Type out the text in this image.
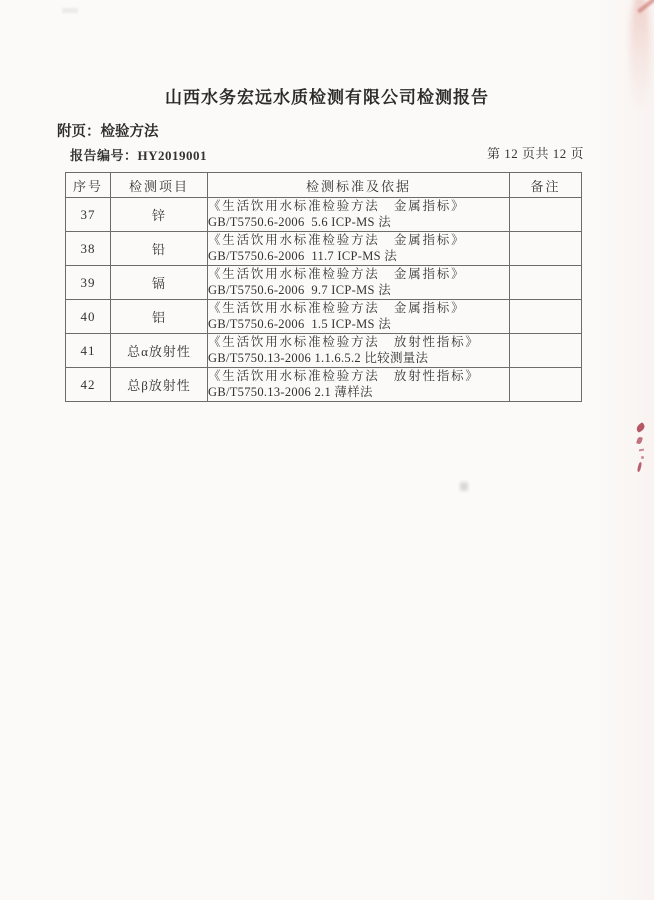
山西水务宏远水质检测有限公司检测报告
附页：检验方法
报告编号：HY2019001	第 12 页共 12 页
序号	检测项目	检测标准及依据	备注
37	锌	《生活饮用水标准检验方法　金属指标》
GB/T5750.6-2006  5.6 ICP-MS 法	

38	铅	《生活饮用水标准检验方法　金属指标》
GB/T5750.6-2006  11.7 ICP-MS 法	

39	镉	《生活饮用水标准检验方法　金属指标》
GB/T5750.6-2006  9.7 ICP-MS 法	

40	铝	《生活饮用水标准检验方法　金属指标》
GB/T5750.6-2006  1.5 ICP-MS 法	

41	总α放射性	《生活饮用水标准检验方法　放射性指标》
GB/T5750.13-2006 1.1.6.5.2 比较测量法	

42	总β放射性	《生活饮用水标准检验方法　放射性指标》
GB/T5750.13-2006 2.1 薄样法	
